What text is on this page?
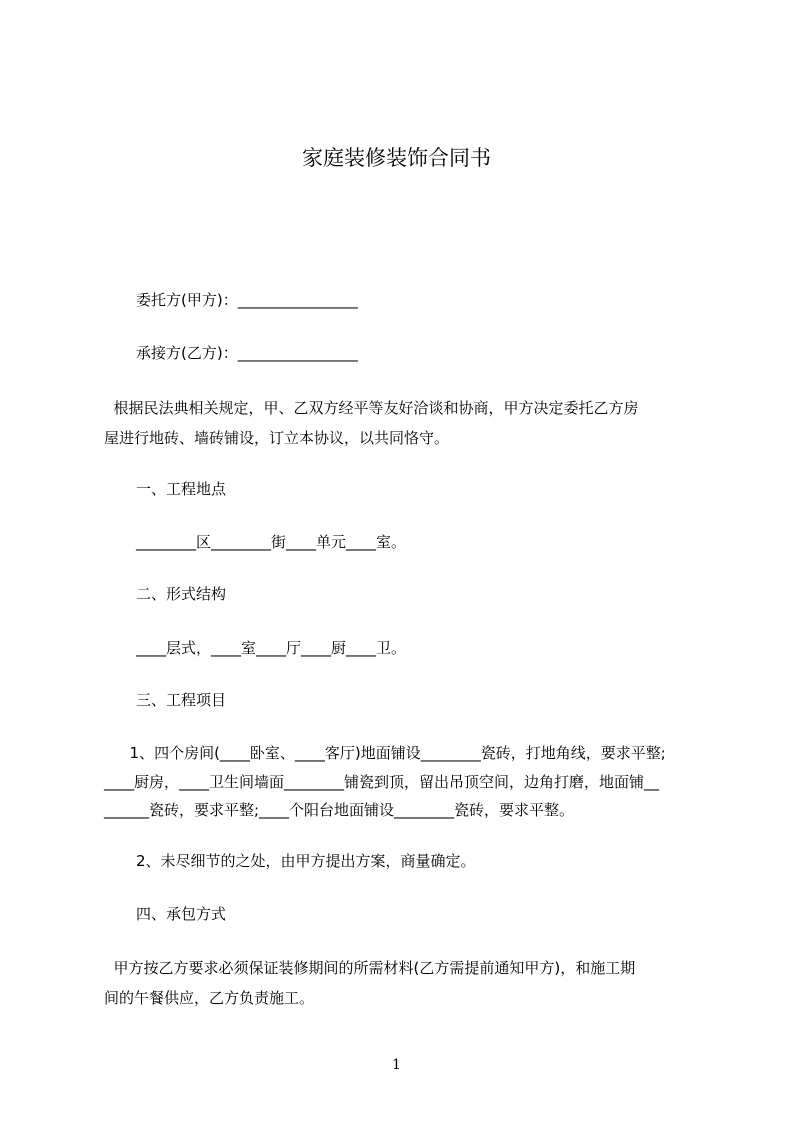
家庭装修装饰合同书

委托方(甲方)：________________

承接方(乙方)：________________

根据民法典相关规定，甲、乙双方经平等友好洽谈和协商，甲方决定委托乙方房

屋进行地砖、墙砖铺设，订立本协议，以共同恪守。

一、工程地点

________区________街____单元____室。

二、形式结构

____层式，____室____厅____厨____卫。

三、工程项目

1、四个房间(____卧室、____客厅)地面铺设________瓷砖，打地角线，要求平整;

____厨房，____卫生间墙面________铺瓷到顶，留出吊顶空间，边角打磨，地面铺__

______瓷砖，要求平整;____个阳台地面铺设________瓷砖，要求平整。

2、未尽细节的之处，由甲方提出方案，商量确定。

四、承包方式

甲方按乙方要求必须保证装修期间的所需材料(乙方需提前通知甲方)，和施工期

间的午餐供应，乙方负责施工。

1
